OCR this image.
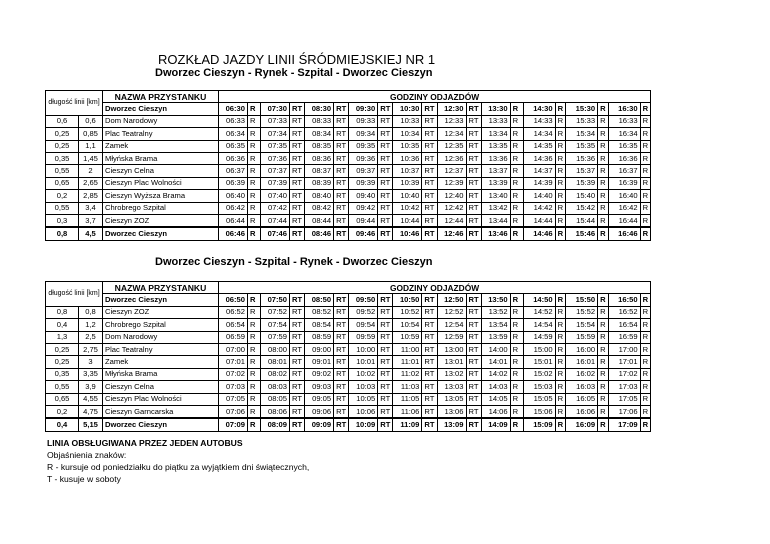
ROZKŁAD JAZDY LINII ŚRÓDMIEJSKIEJ NR 1
Dworzec Cieszyn - Rynek - Szpital - Dworzec Cieszyn
Dworzec Cieszyn - Szpital - Rynek - Dworzec Cieszyn
długość linii [km]		NAZWA PRZYSTANKU	GODZINY ODJAZDÓW																			
		Dworzec Cieszyn	06:30	R	07:30	RT	08:30	RT	09:30	RT	10:30	RT	12:30	RT	13:30	R	14:30	R	15:30	R	16:30	R
0,6	0,6	Dom Narodowy	06:33	R	07:33	RT	08:33	RT	09:33	RT	10:33	RT	12:33	RT	13:33	R	14:33	R	15:33	R	16:33	R
0,25	0,85	Plac Teatralny	06:34	R	07:34	RT	08:34	RT	09:34	RT	10:34	RT	12:34	RT	13:34	R	14:34	R	15:34	R	16:34	R
0,25	1,1	Zamek	06:35	R	07:35	RT	08:35	RT	09:35	RT	10:35	RT	12:35	RT	13:35	R	14:35	R	15:35	R	16:35	R
0,35	1,45	Młyńska Brama	06:36	R	07:36	RT	08:36	RT	09:36	RT	10:36	RT	12:36	RT	13:36	R	14:36	R	15:36	R	16:36	R
0,55	2	Cieszyn Celna	06:37	R	07:37	RT	08:37	RT	09:37	RT	10:37	RT	12:37	RT	13:37	R	14:37	R	15:37	R	16:37	R
0,65	2,65	Cieszyn Plac Wolności	06:39	R	07:39	RT	08:39	RT	09:39	RT	10:39	RT	12:39	RT	13:39	R	14:39	R	15:39	R	16:39	R
0,2	2,85	Cieszyn Wyższa Brama	06:40	R	07:40	RT	08:40	RT	09:40	RT	10:40	RT	12:40	RT	13:40	R	14:40	R	15:40	R	16:40	R
0,55	3,4	Chrobrego Szpital	06:42	R	07:42	RT	08:42	RT	09:42	RT	10:42	RT	12:42	RT	13:42	R	14:42	R	15:42	R	16:42	R
0,3	3,7	Cieszyn ZOZ	06:44	R	07:44	RT	08:44	RT	09:44	RT	10:44	RT	12:44	RT	13:44	R	14:44	R	15:44	R	16:44	R
0,8	4,5	Dworzec Cieszyn	06:46	R	07:46	RT	08:46	RT	09:46	RT	10:46	RT	12:46	RT	13:46	R	14:46	R	15:46	R	16:46	R
długość linii [km]		NAZWA PRZYSTANKU	GODZINY ODJAZDÓW																			
		Dworzec Cieszyn	06:50	R	07:50	RT	08:50	RT	09:50	RT	10:50	RT	12:50	RT	13:50	R	14:50	R	15:50	R	16:50	R
0,8	0,8	Cieszyn ZOZ	06:52	R	07:52	RT	08:52	RT	09:52	RT	10:52	RT	12:52	RT	13:52	R	14:52	R	15:52	R	16:52	R
0,4	1,2	Chrobrego Szpital	06:54	R	07:54	RT	08:54	RT	09:54	RT	10:54	RT	12:54	RT	13:54	R	14:54	R	15:54	R	16:54	R
1,3	2,5	Dom Narodowy	06:59	R	07:59	RT	08:59	RT	09:59	RT	10:59	RT	12:59	RT	13:59	R	14:59	R	15:59	R	16:59	R
0,25	2,75	Plac Teatralny	07:00	R	08:00	RT	09:00	RT	10:00	RT	11:00	RT	13:00	RT	14:00	R	15:00	R	16:00	R	17:00	R
0,25	3	Zamek	07:01	R	08:01	RT	09:01	RT	10:01	RT	11:01	RT	13:01	RT	14:01	R	15:01	R	16:01	R	17:01	R
0,35	3,35	Młyńska Brama	07:02	R	08:02	RT	09:02	RT	10:02	RT	11:02	RT	13:02	RT	14:02	R	15:02	R	16:02	R	17:02	R
0,55	3,9	Cieszyn Celna	07:03	R	08:03	RT	09:03	RT	10:03	RT	11:03	RT	13:03	RT	14:03	R	15:03	R	16:03	R	17:03	R
0,65	4,55	Cieszyn Plac Wolności	07:05	R	08:05	RT	09:05	RT	10:05	RT	11:05	RT	13:05	RT	14:05	R	15:05	R	16:05	R	17:05	R
0,2	4,75	Cieszyn Garncarska	07:06	R	08:06	RT	09:06	RT	10:06	RT	11:06	RT	13:06	RT	14:06	R	15:06	R	16:06	R	17:06	R
0,4	5,15	Dworzec Cieszyn	07:09	R	08:09	RT	09:09	RT	10:09	RT	11:09	RT	13:09	RT	14:09	R	15:09	R	16:09	R	17:09	R
LINIA OBSŁUGIWANA PRZEZ JEDEN AUTOBUS
Objaśnienia znaków:
R - kursuje od poniedziałku do piątku za wyjątkiem dni świątecznych,
T - kusuje w soboty
